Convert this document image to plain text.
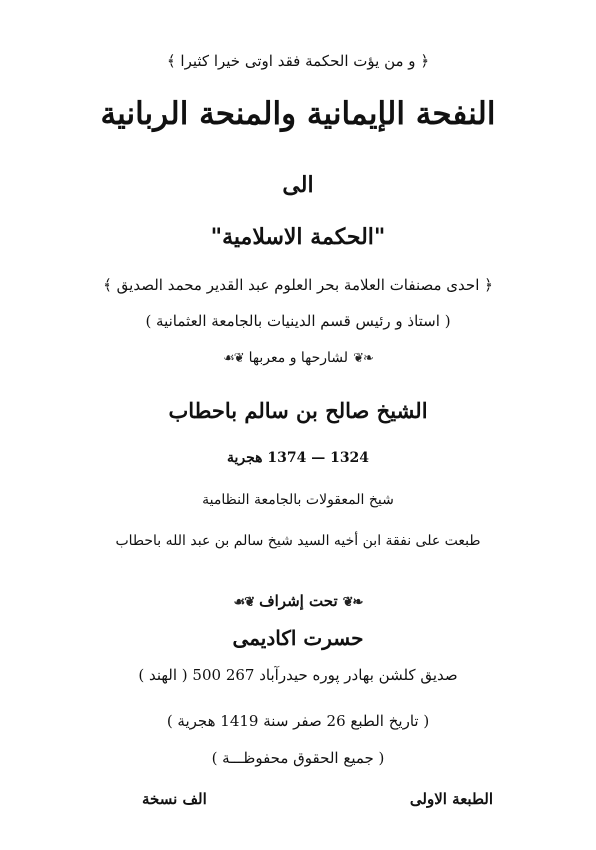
﴿ و من يؤت الحكمة فقد اوتى خيرا كثيرا ﴾
النفحة الإيمانية والمنحة الربانية
الى
"الحكمة الاسلامية"
﴿ احدى مصنفات العلامة بحر العلوم عبد القدير محمد الصديق ﴾
( استاذ و رئيس قسم الدينيات بالجامعة العثمانية )
❧❦لشارحها و معربها❦☙
الشيخ صالح بن سالم باحطاب
1324 — 1374 هجرية
شيخ المعقولات بالجامعة النظامية
طبعت على نفقة ابن أخيه السيد شيخ سالم بن عبد الله باحطاب
❧❦تحت إشراف❦☙
حسرت اكاديمى
صديق كلشن بهادر پوره حيدرآباد 267 500 ( الهند )
( تاريخ الطبع 26 صفر سنة 1419 هجرية )
( جميع الحقوق محفوظـــة )
الطبعة الاولى
الف نسخة
